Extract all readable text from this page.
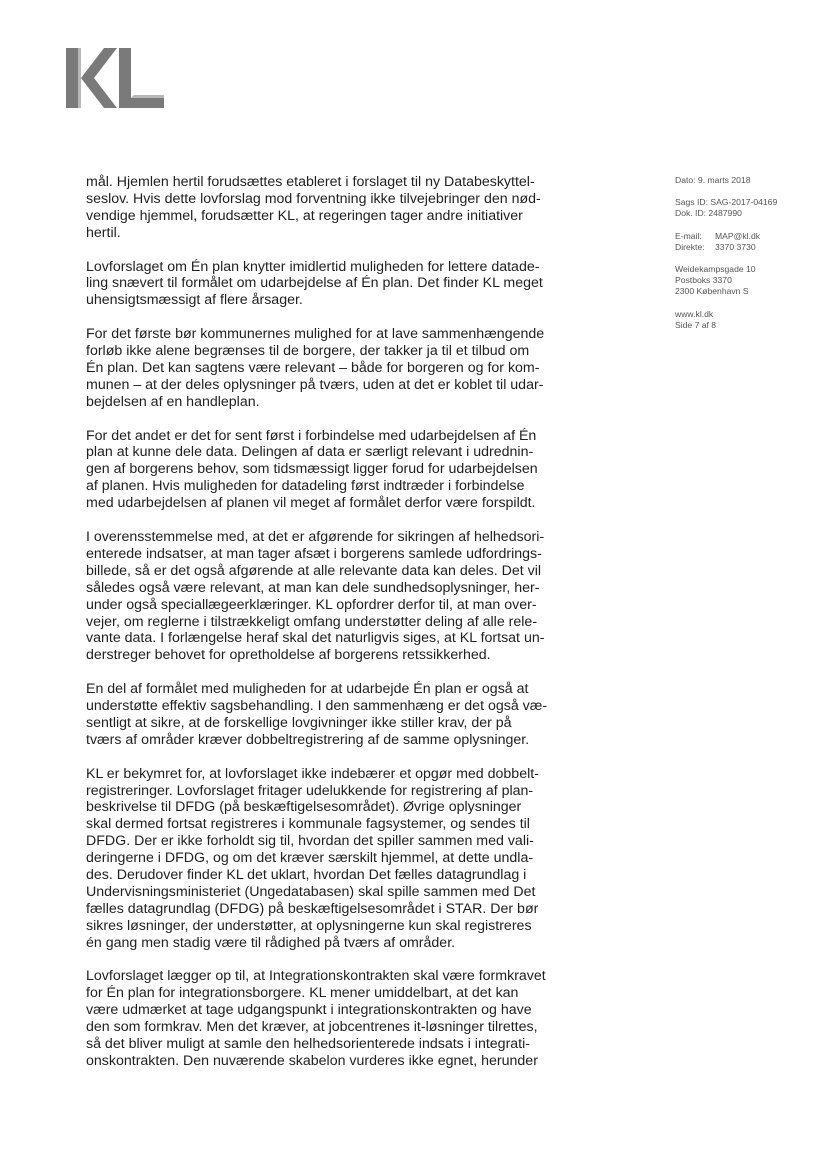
mål. Hjemlen hertil forudsættes etableret i forslaget til ny Databeskyttel-
seslov. Hvis dette lovforslag mod forventning ikke tilvejebringer den nød-
vendige hjemmel, forudsætter KL, at regeringen tager andre initiativer
hertil.

Lovforslaget om Én plan knytter imidlertid muligheden for lettere datade-
ling snævert til formålet om udarbejdelse af Én plan. Det finder KL meget
uhensigtsmæssigt af flere årsager.

For det første bør kommunernes mulighed for at lave sammenhængende
forløb ikke alene begrænses til de borgere, der takker ja til et tilbud om
Én plan. Det kan sagtens være relevant – både for borgeren og for kom-
munen – at der deles oplysninger på tværs, uden at det er koblet til udar-
bejdelsen af en handleplan.

For det andet er det for sent først i forbindelse med udarbejdelsen af Én
plan at kunne dele data. Delingen af data er særligt relevant i udrednin-
gen af borgerens behov, som tidsmæssigt ligger forud for udarbejdelsen
af planen. Hvis muligheden for datadeling først indtræder i forbindelse
med udarbejdelsen af planen vil meget af formålet derfor være forspildt.

I overensstemmelse med, at det er afgørende for sikringen af helhedsori-
enterede indsatser, at man tager afsæt i borgerens samlede udfordrings-
billede, så er det også afgørende at alle relevante data kan deles. Det vil
således også være relevant, at man kan dele sundhedsoplysninger, her-
under også speciallægeerklæringer. KL opfordrer derfor til, at man over-
vejer, om reglerne i tilstrækkeligt omfang understøtter deling af alle rele-
vante data. I forlængelse heraf skal det naturligvis siges, at KL fortsat un-
derstreger behovet for opretholdelse af borgerens retssikkerhed.

En del af formålet med muligheden for at udarbejde Én plan er også at
understøtte effektiv sagsbehandling. I den sammenhæng er det også væ-
sentligt at sikre, at de forskellige lovgivninger ikke stiller krav, der på
tværs af områder kræver dobbeltregistrering af de samme oplysninger.

KL er bekymret for, at lovforslaget ikke indebærer et opgør med dobbelt-
registreringer. Lovforslaget fritager udelukkende for registrering af plan-
beskrivelse til DFDG (på beskæftigelsesområdet). Øvrige oplysninger
skal dermed fortsat registreres i kommunale fagsystemer, og sendes til
DFDG. Der er ikke forholdt sig til, hvordan det spiller sammen med vali-
deringerne i DFDG, og om det kræver særskilt hjemmel, at dette undla-
des. Derudover finder KL det uklart, hvordan Det fælles datagrundlag i
Undervisningsministeriet (Ungedatabasen) skal spille sammen med Det
fælles datagrundlag (DFDG) på beskæftigelsesområdet i STAR. Der bør
sikres løsninger, der understøtter, at oplysningerne kun skal registreres
én gang men stadig være til rådighed på tværs af områder.

Lovforslaget lægger op til, at Integrationskontrakten skal være formkravet
for Én plan for integrationsborgere. KL mener umiddelbart, at det kan
være udmærket at tage udgangspunkt i integrationskontrakten og have
den som formkrav. Men det kræver, at jobcentrenes it-løsninger tilrettes,
så det bliver muligt at samle den helhedsorienterede indsats i integrati-
onskontrakten. Den nuværende skabelon vurderes ikke egnet, herunder

Dato: 9. marts 2018
Sags ID: SAG-2017-04169
Dok. ID: 2487990
E-mail: MAP@kl.dk
Direkte: 3370 3730
Weidekampsgade 10
Postboks 3370
2300 København S
www.kl.dk
Side 7 af 8
